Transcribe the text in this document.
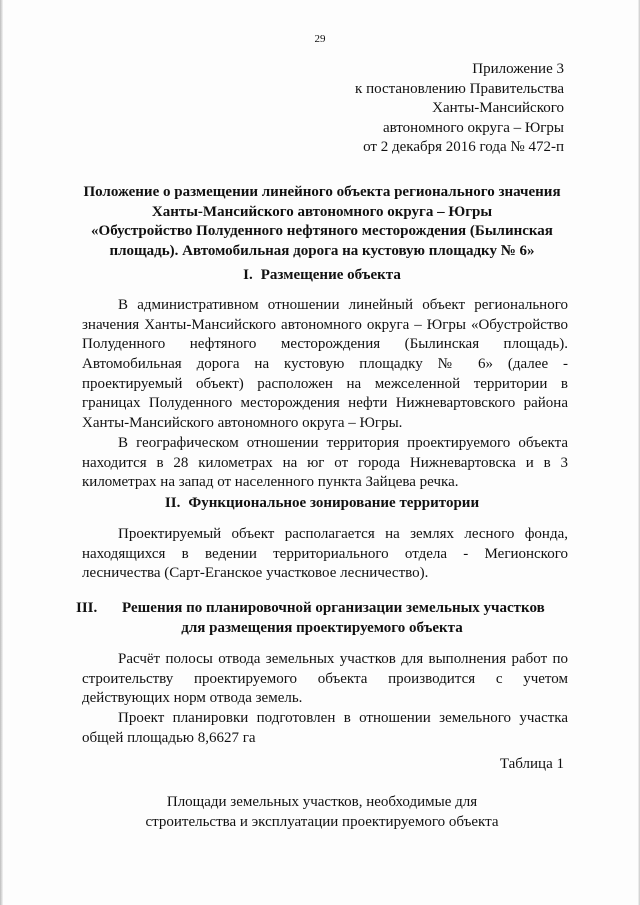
29
Приложение 3
к постановлению Правительства
Ханты-Мансийского
автономного округа – Югры
от 2 декабря 2016 года № 472-п
Положение о размещении линейного объекта регионального значения
Ханты-Мансийского автономного округа – Югры
«Обустройство Полуденного нефтяного месторождения (Былинская
площадь). Автомобильная дорога на кустовую площадку № 6»
I. Размещение объекта
В административном отношении линейный объект регионального
значения Ханты-Мансийского автономного округа – Югры «Обустройство
Полуденного нефтяного месторождения (Былинская площадь).
Автомобильная дорога на кустовую площадку № 6» (далее -
проектируемый объект) расположен на межселенной территории в
границах Полуденного месторождения нефти Нижневартовского района
Ханты-Мансийского автономного округа – Югры.
В географическом отношении территория проектируемого объекта
находится в 28 километрах на юг от города Нижневартовска и в 3
километрах на запад от населенного пункта Зайцева речка.
II. Функциональное зонирование территории
Проектируемый объект располагается на землях лесного фонда,
находящихся в ведении территориального отдела - Мегионского
лесничества (Сарт-Еганское участковое лесничество).
III. Решения по планировочной организации земельных участков
для размещения проектируемого объекта
Расчёт полосы отвода земельных участков для выполнения работ по
строительству проектируемого объекта производится с учетом
действующих норм отвода земель.
Проект планировки подготовлен в отношении земельного участка
общей площадью 8,6627 га
Таблица 1
Площади земельных участков, необходимые для
строительства и эксплуатации проектируемого объекта
